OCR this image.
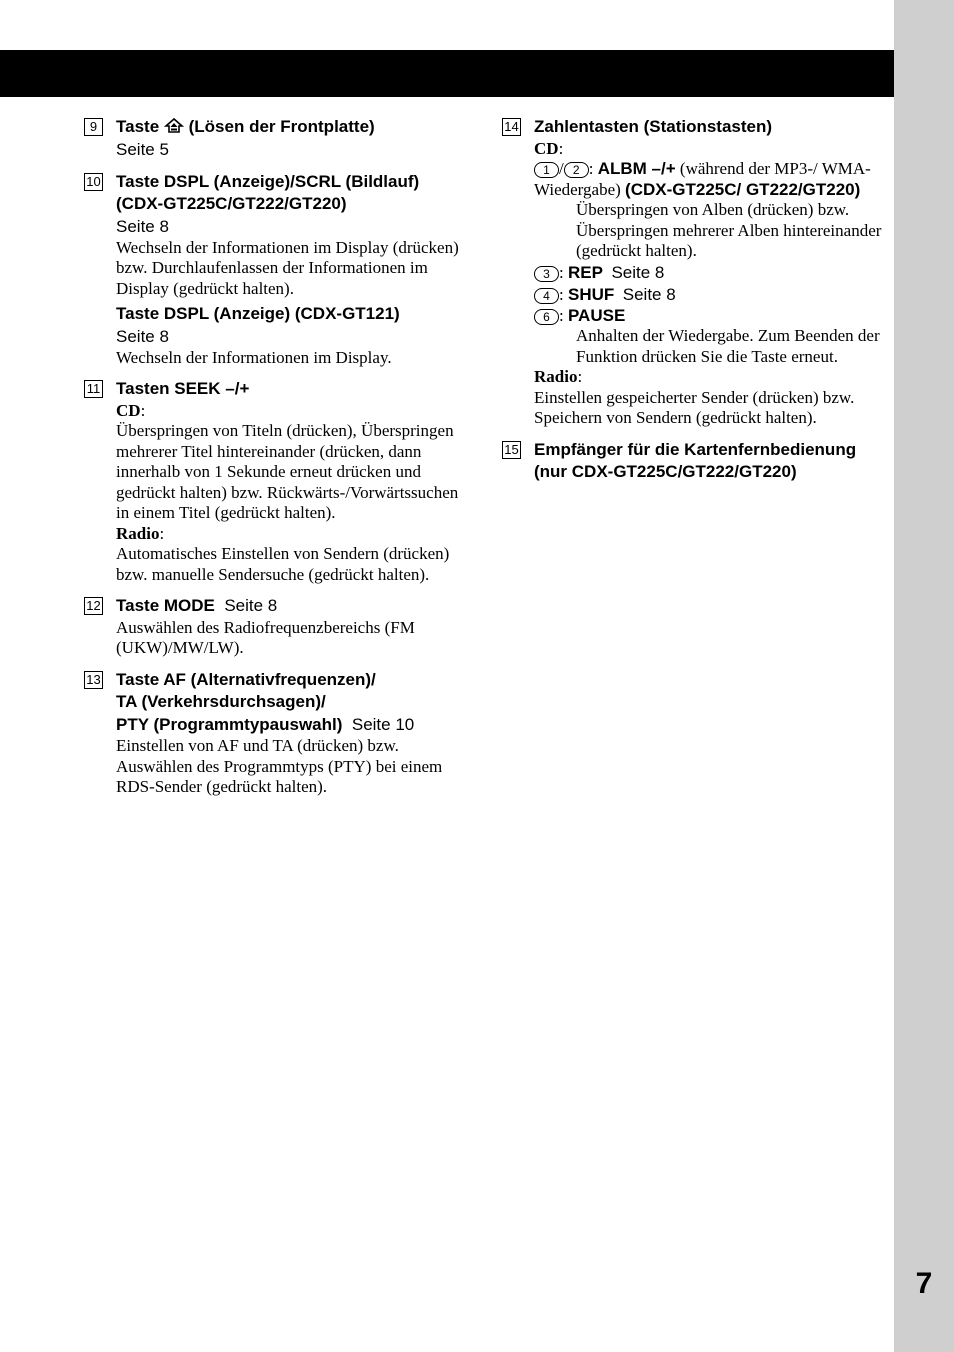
7
9	Taste (Lösen der Frontplatte)
Seite 5
10 Taste DSPL (Anzeige)/SCRL (Bildlauf) (CDX-GT225C/GT222/GT220)
Seite 8

Wechseln der Informationen im Display (drücken) bzw. Durchlaufenlassen der Informationen im Display (gedrückt halten).

Taste DSPL (Anzeige) (CDX-GT121)
Seite 8

Wechseln der Informationen im Display.

11 Tasten SEEK –/+
CD:

Überspringen von Titeln (drücken), Überspringen mehrerer Titel hintereinander (drücken, dann innerhalb von 1 Sekunde erneut drücken und gedrückt halten) bzw. Rückwärts-/Vorwärtssuchen in einem Titel (gedrückt halten).

Radio:

Automatisches Einstellen von Sendern (drücken) bzw. manuelle Sendersuche (gedrückt halten).

12 Taste MODE Seite 8

Auswählen des Radiofrequenzbereichs (FM (UKW)/MW/LW).

13 Taste AF (Alternativfrequenzen)/
TA (Verkehrsdurchsagen)/
PTY (Programmtypauswahl) Seite 10

Einstellen von AF und TA (drücken) bzw. Auswählen des Programmtyps (PTY) bei einem RDS-Sender (gedrückt halten).

14 Zahlentasten (Stationstasten)
CD:
1 / 2 : ALBM –/+ (während der MP3-/ WMA-Wiedergabe) (CDX-GT225C/ GT222/GT220)

Überspringen von Alben (drücken) bzw. Überspringen mehrerer Alben hintereinander (gedrückt halten).

3 : REP Seite 8
4 : SHUF Seite 8
6 : PAUSE

Anhalten der Wiedergabe. Zum Beenden der Funktion drücken Sie die Taste erneut.

Radio:

Einstellen gespeicherter Sender (drücken) bzw. Speichern von Sendern (gedrückt halten).

15 Empfänger für die Kartenfernbedienung (nur CDX-GT225C/GT222/GT220)
